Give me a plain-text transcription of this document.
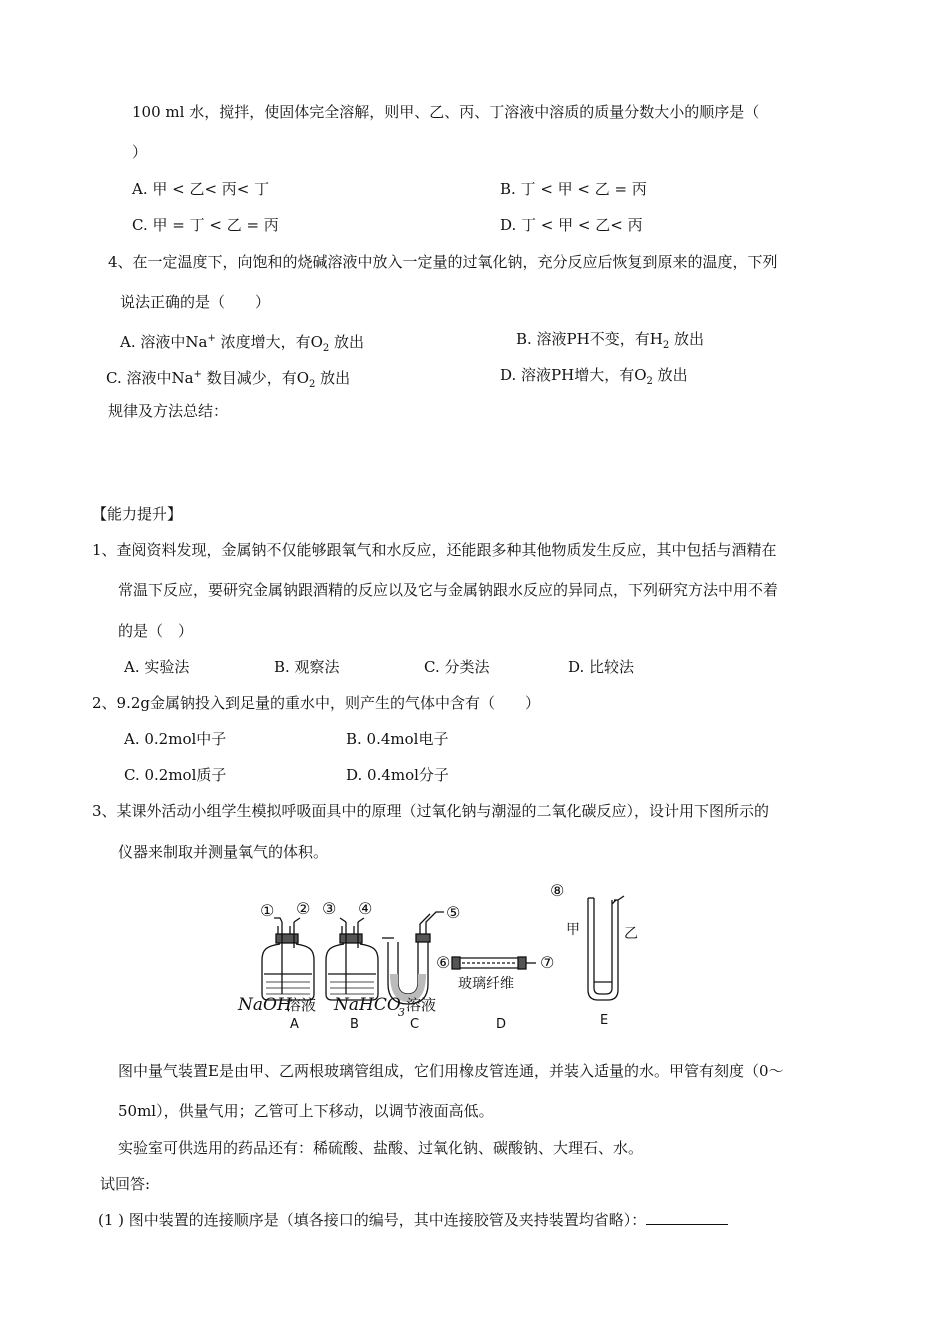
100 ml 水，搅拌，使固体完全溶解，则甲、乙、丙、丁溶液中溶质的质量分数大小的顺序是（
）
A. 甲 < 乙< 丙< 丁	B. 丁 < 甲 < 乙 = 丙
C. 甲 = 丁 < 乙 = 丙	D. 丁 < 甲 < 乙< 丙
4、在一定温度下，向饱和的烧碱溶液中放入一定量的过氧化钠，充分反应后恢复到原来的温度，下列
说法正确的是（　　）
A. 溶液中Na+ 浓度增大，有$O_2$ 放出	B. 溶液PH不变，有$H_2$ 放出
C. 溶液中Na+ 数目减少，有$O_2$ 放出	D. 溶液PH增大，有$O_2$ 放出
规律及方法总结：
【能力提升】
1、查阅资料发现，金属钠不仅能够跟氧气和水反应，还能跟多种其他物质发生反应，其中包括与酒精在
常温下反应，要研究金属钠跟酒精的反应以及它与金属钠跟水反应的异同点，下列研究方法中用不着
的是（　）
A. 实验法	B. 观察法	C. 分类法	D. 比较法
2、9.2g金属钠投入到足量的重水中，则产生的气体中含有（　　）
A. 0.2mol中子	B. 0.4mol电子
C. 0.2mol质子	D. 0.4mol分子
3、某课外活动小组学生模拟呼吸面具中的原理（过氧化钠与潮湿的二氧化碳反应），设计用下图所示的
仪器来制取并测量氧气的体积。
① ② ③ ④	⑤
⑥	⑦
玻璃纤维
⑧
甲	乙
NaOH
溶液 NaHCO
3 溶液
A	B	C	D	E
图中量气装置E是由甲、乙两根玻璃管组成，它们用橡皮管连通，并装入适量的水。甲管有刻度（0～
50ml），供量气用；乙管可上下移动，以调节液面高低。
实验室可供选用的药品还有：稀硫酸、盐酸、过氧化钠、碳酸钠、大理石、水。
试回答:
(1 ) 图中装置的连接顺序是（填各接口的编号，其中连接胶管及夹持装置均省略）：
